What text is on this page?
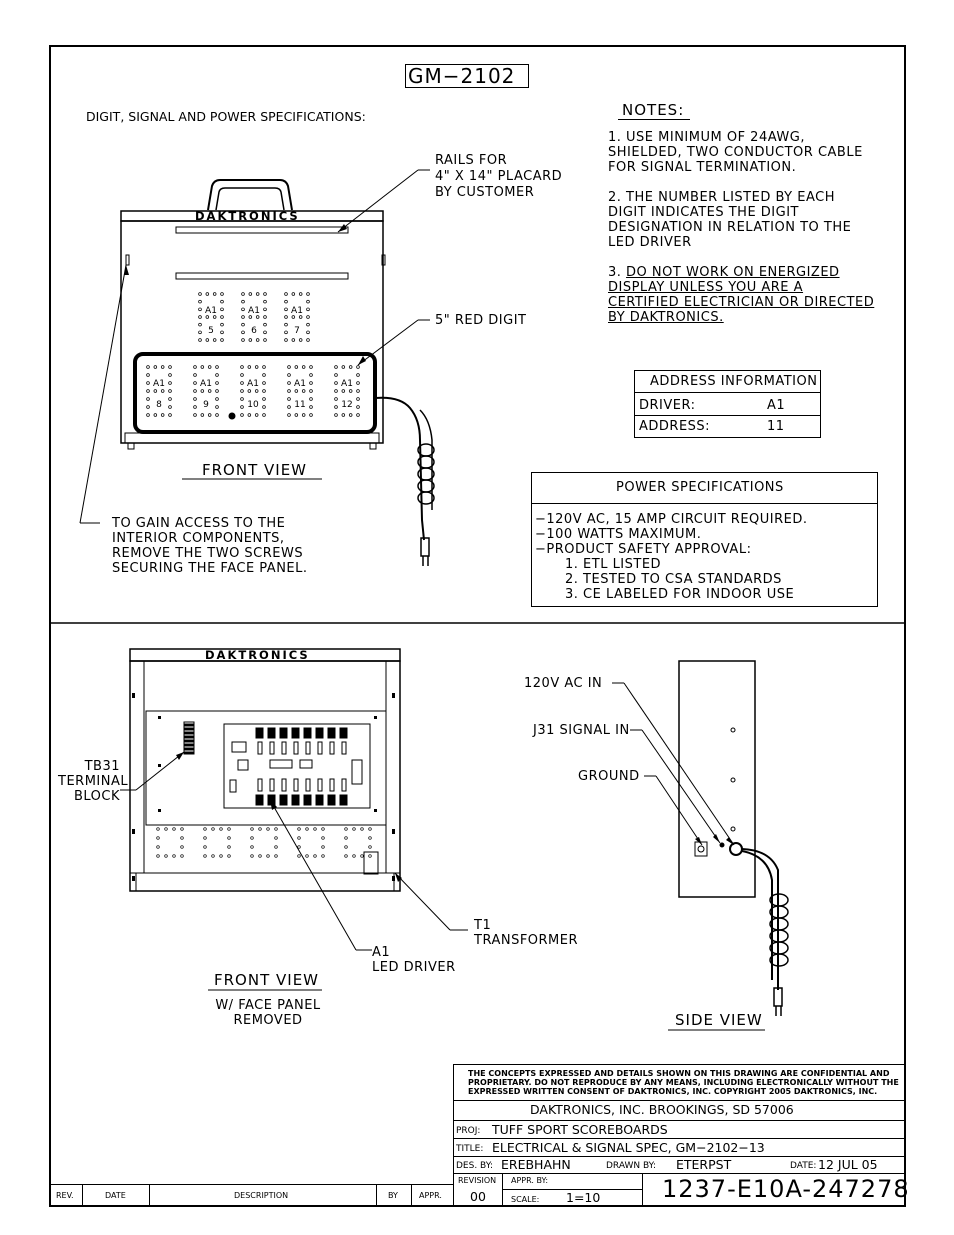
A1
5
A1
6
A1
7
A1
8
A1
9
A1
10
A1
11
A1
12
GM−2102
DIGIT, SIGNAL AND POWER SPECIFICATIONS:
DAKTRONICS
DAKTRONICS
RAILS FOR
4" X 14" PLACARD
BY CUSTOMER
5" RED DIGIT
TO GAIN ACCESS TO THE
INTERIOR COMPONENTS,
REMOVE THE TWO SCREWS
SECURING THE FACE PANEL.
FRONT VIEW
NOTES:
1. USE MINIMUM OF 24AWG,
SHIELDED, TWO CONDUCTOR CABLE
FOR SIGNAL TERMINATION.
2. THE NUMBER LISTED BY EACH
DIGIT INDICATES THE DIGIT
DESIGNATION IN RELATION TO THE
LED DRIVER
3. DO NOT WORK ON ENERGIZED
DISPLAY UNLESS YOU ARE A
CERTIFIED ELECTRICIAN OR DIRECTED
BY DAKTRONICS.
ADDRESS INFORMATION
DRIVER:	A1
ADDRESS:	11
POWER SPECIFICATIONS
−120V AC, 15 AMP CIRCUIT REQUIRED.
−100 WATTS MAXIMUM.
−PRODUCT SAFETY APPROVAL:
1. ETL LISTED
2. TESTED TO CSA STANDARDS
3. CE LABELED FOR INDOOR USE
TB31
TERMINAL
BLOCK
T1
TRANSFORMER
A1
LED DRIVER
120V AC IN
J31 SIGNAL IN
GROUND
FRONT VIEW
W/ FACE PANEL
REMOVED	SIDE VIEW
THE CONCEPTS EXPRESSED AND DETAILS SHOWN ON THIS DRAWING ARE CONFIDENTIAL AND
PROPRIETARY. DO NOT REPRODUCE BY ANY MEANS, INCLUDING ELECTRONICALLY WITHOUT THE
EXPRESSED WRITTEN CONSENT OF DAKTRONICS, INC. COPYRIGHT 2005 DAKTRONICS, INC.
DAKTRONICS, INC. BROOKINGS, SD 57006
PROJ: TUFF SPORT SCOREBOARDS
TITLE: ELECTRICAL & SIGNAL SPEC, GM−2102−13
DES. BY: EREBHAHN	DRAWN BY: ETERPST	DATE: 12 JUL 05
REVISION
00
APPR. BY:
SCALE: 1=10	1237-E10A-247278
REV.	DATE	DESCRIPTION	BY	APPR.
